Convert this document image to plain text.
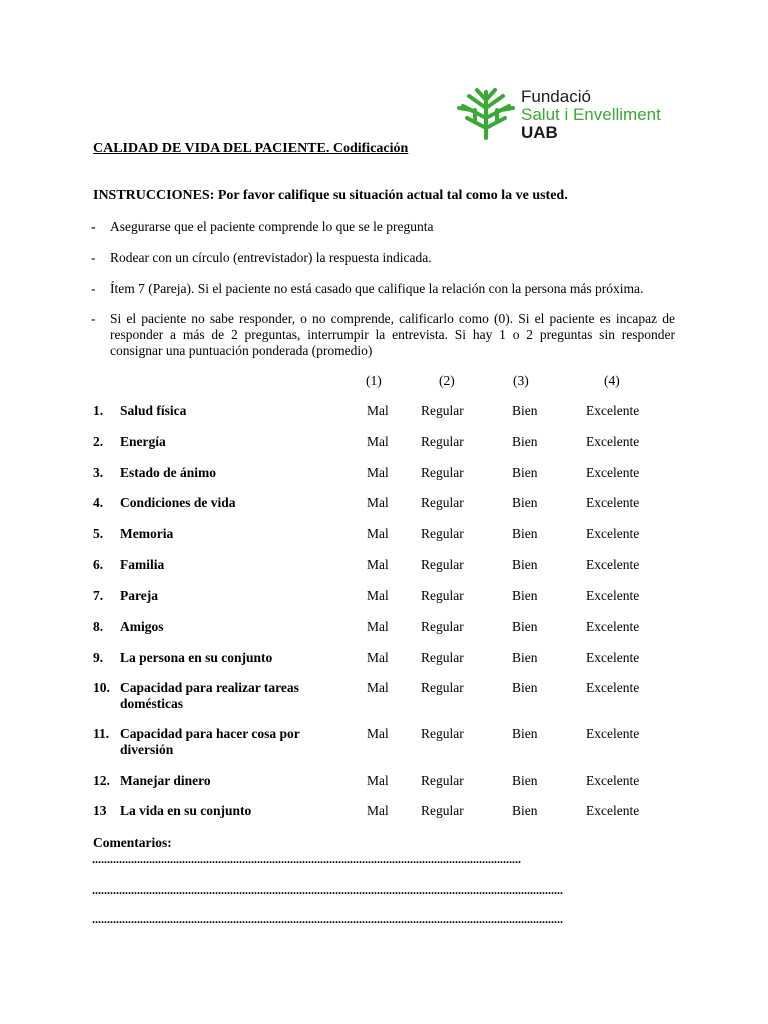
Fundació
Salut i Envelliment
UAB
CALIDAD DE VIDA DEL PACIENTE. Codificación
INSTRUCCIONES: Por favor califique su situación actual tal como la ve usted.
- Asegurarse que el paciente comprende lo que se le pregunta
- Rodear con un círculo (entrevistador) la respuesta indicada.
- Ítem 7 (Pareja). Si el paciente no está casado que califique la relación con la persona más próxima.
- Si el paciente no sabe responder, o no comprende, calificarlo como (0). Si el paciente es incapaz de responder a más de 2 preguntas, interrumpir la entrevista. Si hay 1 o 2 preguntas sin responder consignar una puntuación ponderada (promedio)
(1)	(2)	(3)	(4)
1. Salud física	Mal Regular	Bien	Excelente
2. Energía	Mal Regular	Bien	Excelente
3. Estado de ánimo	Mal Regular	Bien	Excelente
4. Condiciones de vida	Mal Regular	Bien	Excelente
5. Memoria	Mal Regular	Bien	Excelente
6. Familia	Mal Regular	Bien	Excelente
7. Pareja	Mal Regular	Bien	Excelente
8. Amigos	Mal Regular	Bien	Excelente
9. La persona en su conjunto	Mal Regular	Bien	Excelente
10. Capacidad para realizar tareas domésticas
Mal Regular	Bien	Excelente
11. Capacidad para hacer cosa por diversión
Mal Regular	Bien	Excelente
12. Manejar dinero	Mal Regular	Bien	Excelente
13 La vida en su conjunto	Mal Regular	Bien	Excelente
Comentarios:
...............................................................................................................................................
.............................................................................................................................................................
.............................................................................................................................................................
